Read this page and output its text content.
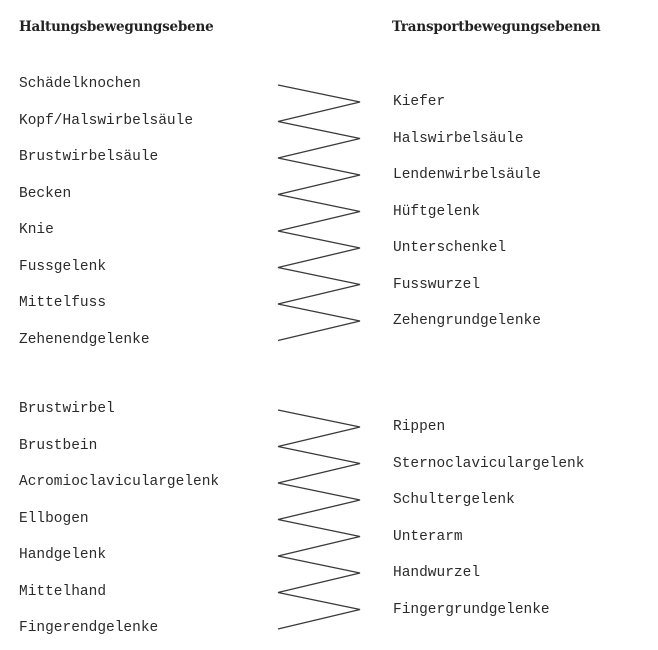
Haltungsbewegungsebene	Transportbewegungsebenen
Schädelknochen
Kopf/Halswirbelsäule
Brustwirbelsäule
Becken
Knie
Fussgelenk
Mittelfuss
Zehenendgelenke
Kiefer
Halswirbelsäule
Lendenwirbelsäule
Hüftgelenk
Unterschenkel
Fusswurzel
Zehengrundgelenke
Brustwirbel
Brustbein
Acromioclaviculargelenk
Ellbogen
Handgelenk
Mittelhand
Fingerendgelenke
Rippen
Sternoclaviculargelenk
Schultergelenk
Unterarm
Handwurzel
Fingergrundgelenke
